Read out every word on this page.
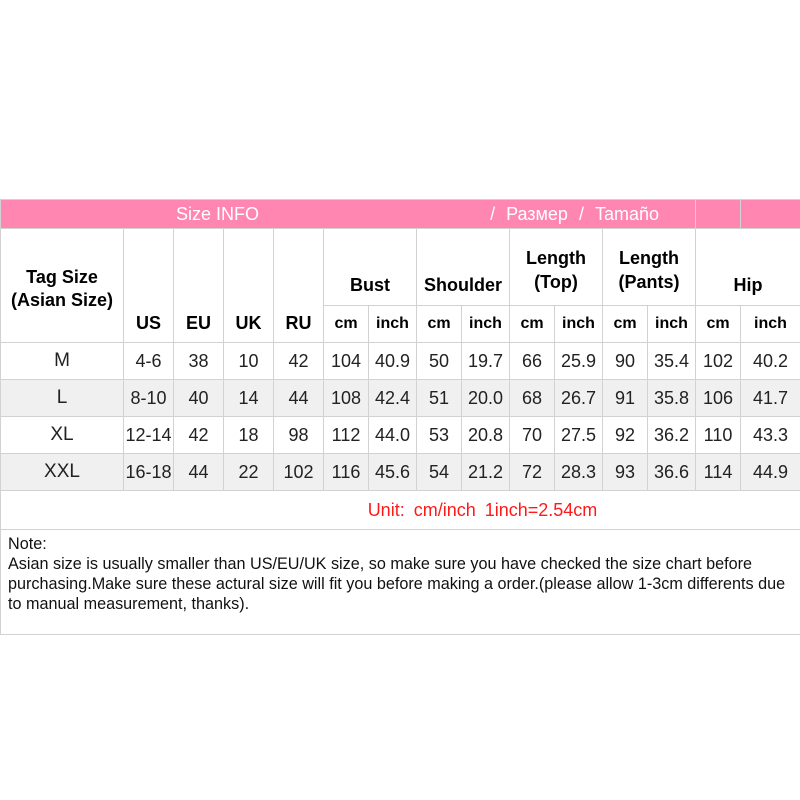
Size INFO / Размер / Tamaño														

Tag Size (Asian Size)	US	EU	UK	RU	Bust		Shoulder		Length (Top)		Length (Pants)		Hip	
					cm	inch	cm	inch	cm	inch	cm	inch	cm	inch
M	4-6	38	10	42	104	40.9	50	19.7	66	25.9	90	35.4	102	40.2
L	8-10	40	14	44	108	42.4	51	20.0	68	26.7	91	35.8	106	41.7
XL	12-14	42	18	98	112	44.0	53	20.8	70	27.5	92	36.2	110	43.3
XXL	16-18	44	22	102	116	45.6	54	21.2	72	28.3	93	36.6	114	44.9
Unit: cm/inch 1inch=2.54cm														

Note:
Asian size is usually smaller than US/EU/UK size, so make sure you have checked the size chart before purchasing.Make sure these actural size will fit you before making a order.(please allow 1-3cm differents due to manual measurement, thanks).														
